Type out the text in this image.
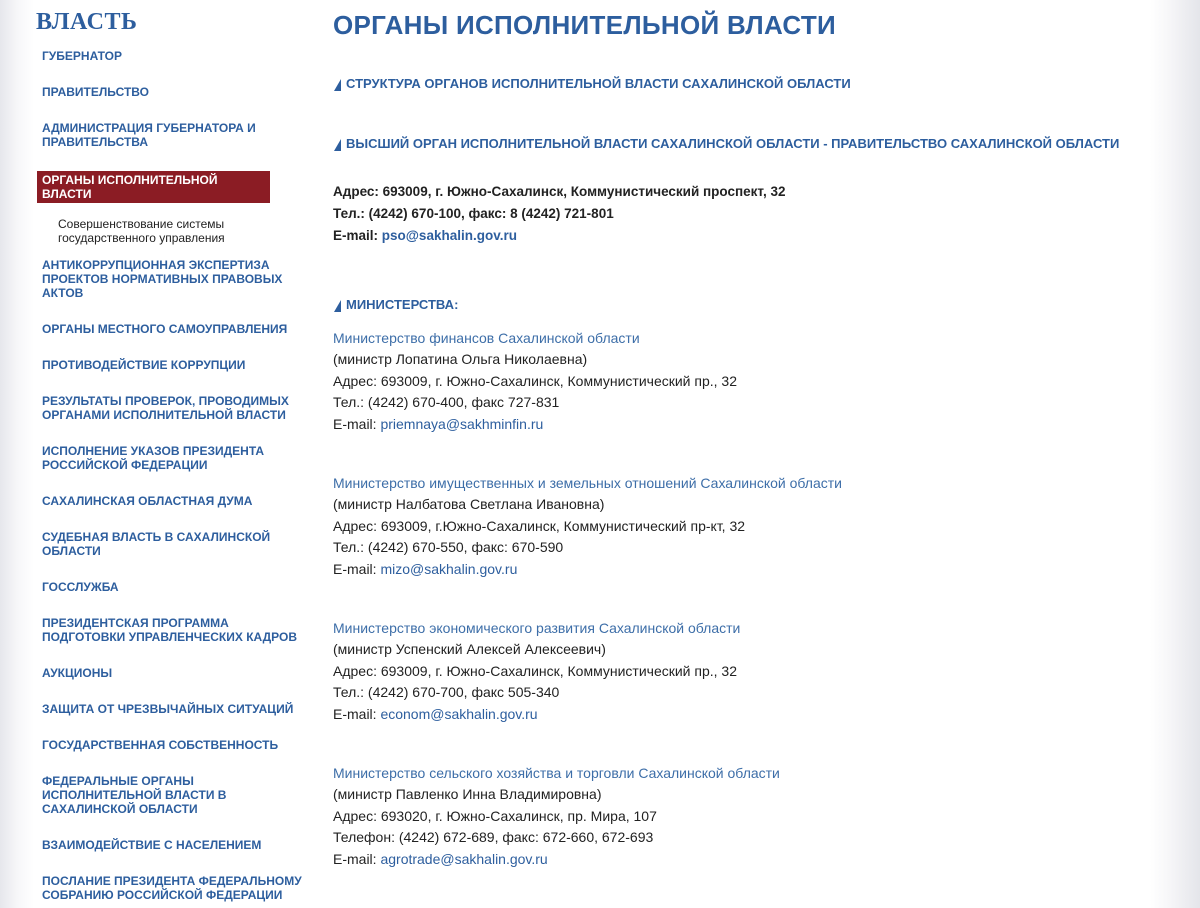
ВЛАСТЬ
ГУБЕРНАТОР
ПРАВИТЕЛЬСТВО
АДМИНИСТРАЦИЯ ГУБЕРНАТОРА И ПРАВИТЕЛЬСТВА
ОРГАНЫ ИСПОЛНИТЕЛЬНОЙ ВЛАСТИ
Совершенствование системы государственного управления
АНТИКОРРУПЦИОННАЯ ЭКСПЕРТИЗА ПРОЕКТОВ НОРМАТИВНЫХ ПРАВОВЫХ АКТОВ
ОРГАНЫ МЕСТНОГО САМОУПРАВЛЕНИЯ
ПРОТИВОДЕЙСТВИЕ КОРРУПЦИИ
РЕЗУЛЬТАТЫ ПРОВЕРОК, ПРОВОДИМЫХ ОРГАНАМИ ИСПОЛНИТЕЛЬНОЙ ВЛАСТИ
ИСПОЛНЕНИЕ УКАЗОВ ПРЕЗИДЕНТА РОССИЙСКОЙ ФЕДЕРАЦИИ
САХАЛИНСКАЯ ОБЛАСТНАЯ ДУМА
СУДЕБНАЯ ВЛАСТЬ В САХАЛИНСКОЙ ОБЛАСТИ
ГОССЛУЖБА
ПРЕЗИДЕНТСКАЯ ПРОГРАММА ПОДГОТОВКИ УПРАВЛЕНЧЕСКИХ КАДРОВ
АУКЦИОНЫ
ЗАЩИТА ОТ ЧРЕЗВЫЧАЙНЫХ СИТУАЦИЙ
ГОСУДАРСТВЕННАЯ СОБСТВЕННОСТЬ
ФЕДЕРАЛЬНЫЕ ОРГАНЫ ИСПОЛНИТЕЛЬНОЙ ВЛАСТИ В САХАЛИНСКОЙ ОБЛАСТИ
ВЗАИМОДЕЙСТВИЕ С НАСЕЛЕНИЕМ
ПОСЛАНИЕ ПРЕЗИДЕНТА ФЕДЕРАЛЬНОМУ СОБРАНИЮ РОССИЙСКОЙ ФЕДЕРАЦИИ
ОРГАНЫ ИСПОЛНИТЕЛЬНОЙ ВЛАСТИ
СТРУКТУРА ОРГАНОВ ИСПОЛНИТЕЛЬНОЙ ВЛАСТИ САХАЛИНСКОЙ ОБЛАСТИ
ВЫСШИЙ ОРГАН ИСПОЛНИТЕЛЬНОЙ ВЛАСТИ САХАЛИНСКОЙ ОБЛАСТИ - ПРАВИТЕЛЬСТВО САХАЛИНСКОЙ ОБЛАСТИ
Адрес: 693009, г. Южно-Сахалинск, Коммунистический проспект, 32
Тел.: (4242) 670-100, факс: 8 (4242) 721-801
E-mail: pso@sakhalin.gov.ru
МИНИСТЕРСТВА:
Министерство финансов Сахалинской области
(министр Лопатина Ольга Николаевна)
Адрес: 693009, г. Южно-Сахалинск, Коммунистический пр., 32
Тел.: (4242) 670-400, факс 727-831
E-mail: priemnaya@sakhminfin.ru
Министерство имущественных и земельных отношений Сахалинской области
(министр Налбатова Светлана Ивановна)
Адрес: 693009, г.Южно-Сахалинск, Коммунистический пр-кт, 32
Тел.: (4242) 670-550, факс: 670-590
E-mail: mizo@sakhalin.gov.ru
Министерство экономического развития Сахалинской области
(министр Успенский Алексей Алексеевич)
Адрес: 693009, г. Южно-Сахалинск, Коммунистический пр., 32
Тел.: (4242) 670-700, факс 505-340
E-mail: econom@sakhalin.gov.ru
Министерство сельского хозяйства и торговли Сахалинской области
(министр Павленко Инна Владимировна)
Адрес: 693020, г. Южно-Сахалинск, пр. Мира, 107
Телефон: (4242) 672-689, факс: 672-660, 672-693
E-mail: agrotrade@sakhalin.gov.ru
